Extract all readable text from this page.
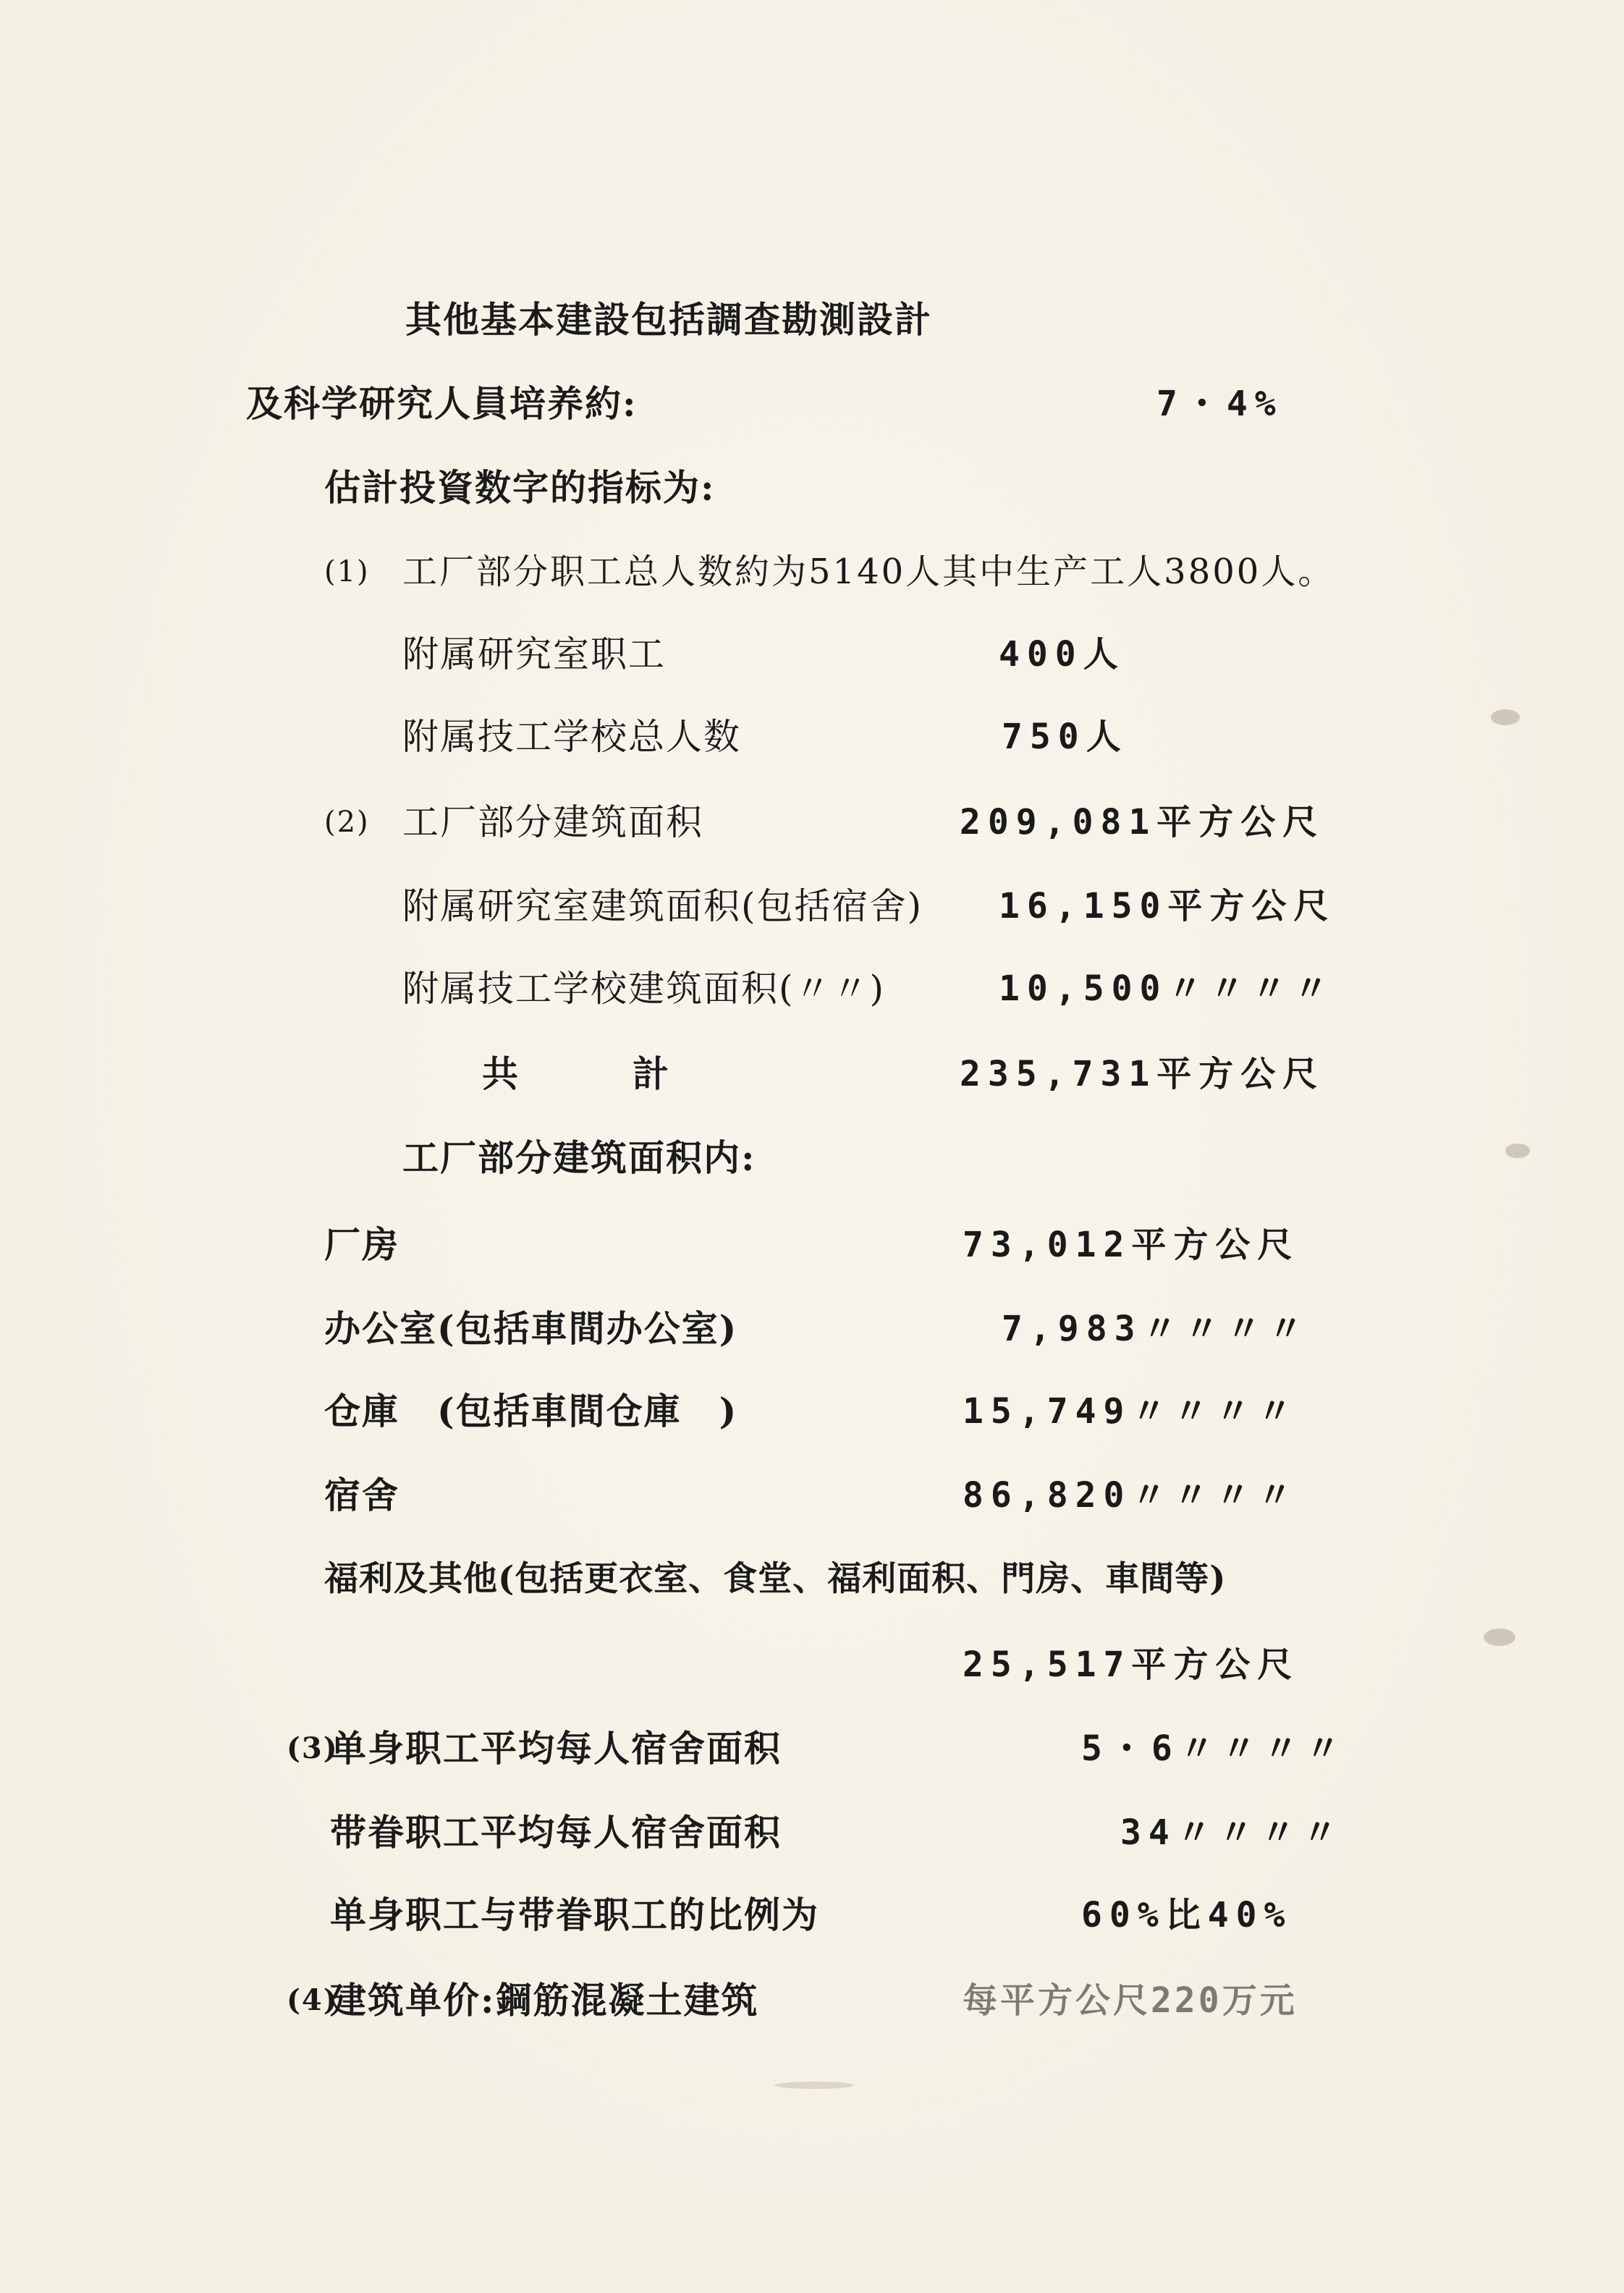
其他基本建設包括調查勘測設計
及科学研究人員培养約:	7・4%
估計投資数字的指标为:
(1) 工厂部分职工总人数約为5140人其中生产工人3800人。
附属研究室职工	400人
附属技工学校总人数	750人
(2) 工厂部分建筑面积	209,081平方公尺
附属研究室建筑面积(包括宿舍) 16,150平方公尺
附属技工学校建筑面积(〃〃)	10,500〃〃〃〃
共　　　計	235,731平方公尺
工厂部分建筑面积内:
厂房	73,012平方公尺
办公室(包括車間办公室)	7,983〃〃〃〃
仓庫　(包括車間仓庫　)	15,749〃〃〃〃
宿舍	86,820〃〃〃〃
福利及其他(包括更衣室、食堂、福利面积、門房、車間等)
25,517平方公尺
(3)
单身职工平均每人宿舍面积	5・6〃〃〃〃
带眷职工平均每人宿舍面积	34〃〃〃〃
单身职工与带眷职工的比例为	60%比40%
(4)
建筑单价:鋼筋混凝土建筑	每平方公尺220万元
